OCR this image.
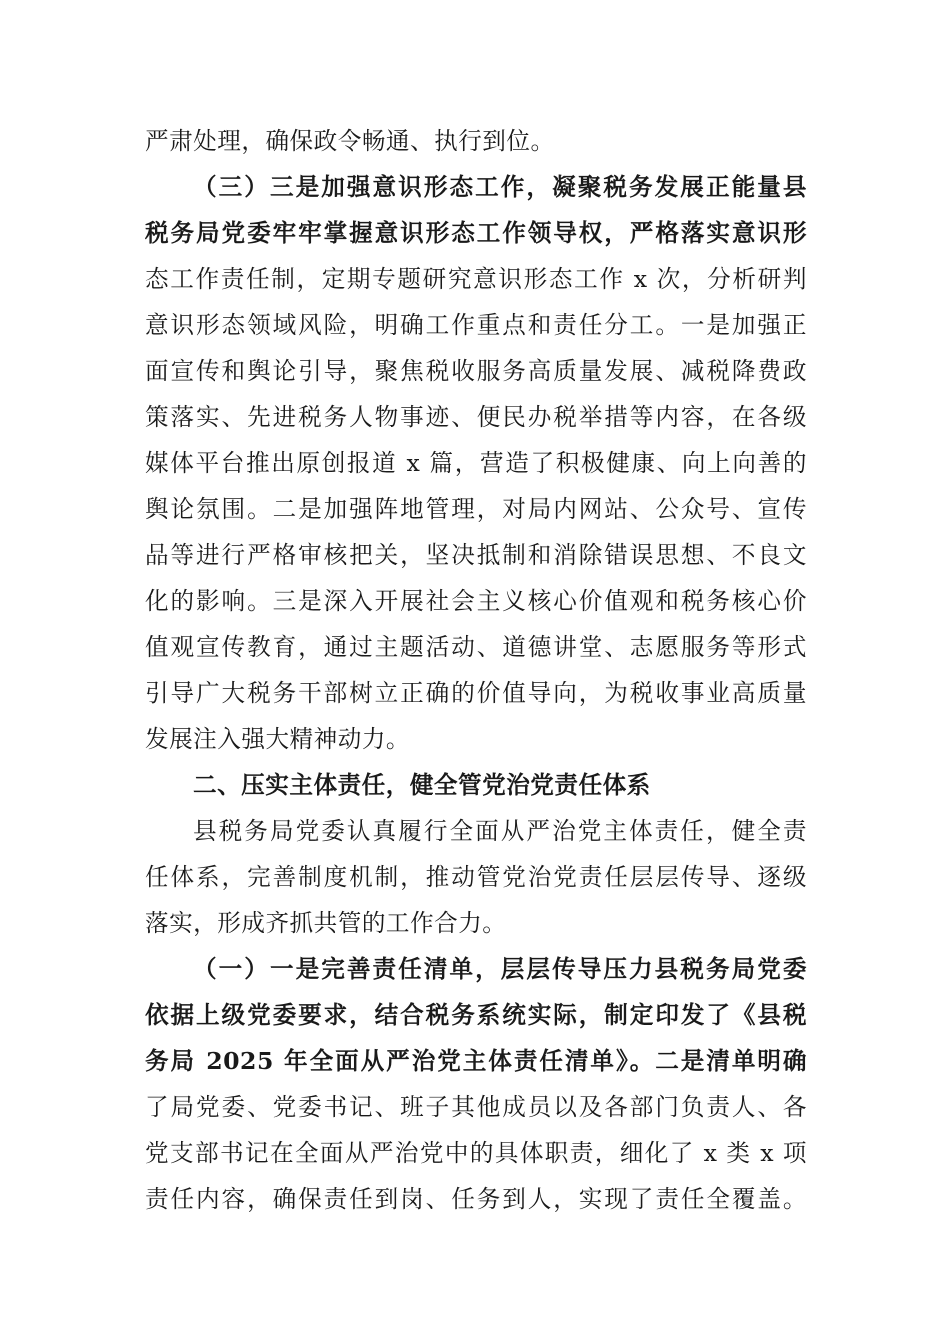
严肃处理，确保政令畅通、执行到位。
（三）三是加强意识形态工作，凝聚税务发展正能量县
税务局党委牢牢掌握意识形态工作领导权，严格落实意识形
态工作责任制，定期专题研究意识形态工作 x 次，分析研判
意识形态领域风险，明确工作重点和责任分工。一是加强正
面宣传和舆论引导，聚焦税收服务高质量发展、减税降费政
策落实、先进税务人物事迹、便民办税举措等内容，在各级
媒体平台推出原创报道 x 篇，营造了积极健康、向上向善的
舆论氛围。二是加强阵地管理，对局内网站、公众号、宣传
品等进行严格审核把关，坚决抵制和消除错误思想、不良文
化的影响。三是深入开展社会主义核心价值观和税务核心价
值观宣传教育，通过主题活动、道德讲堂、志愿服务等形式
引导广大税务干部树立正确的价值导向，为税收事业高质量
发展注入强大精神动力。
二、压实主体责任，健全管党治党责任体系
县税务局党委认真履行全面从严治党主体责任，健全责
任体系，完善制度机制，推动管党治党责任层层传导、逐级
落实，形成齐抓共管的工作合力。
（一）一是完善责任清单，层层传导压力县税务局党委
依据上级党委要求，结合税务系统实际，制定印发了《县税
务局 2025 年全面从严治党主体责任清单》。二是清单明确
了局党委、党委书记、班子其他成员以及各部门负责人、各
党支部书记在全面从严治党中的具体职责，细化了 x 类 x 项
责任内容，确保责任到岗、任务到人，实现了责任全覆盖。
